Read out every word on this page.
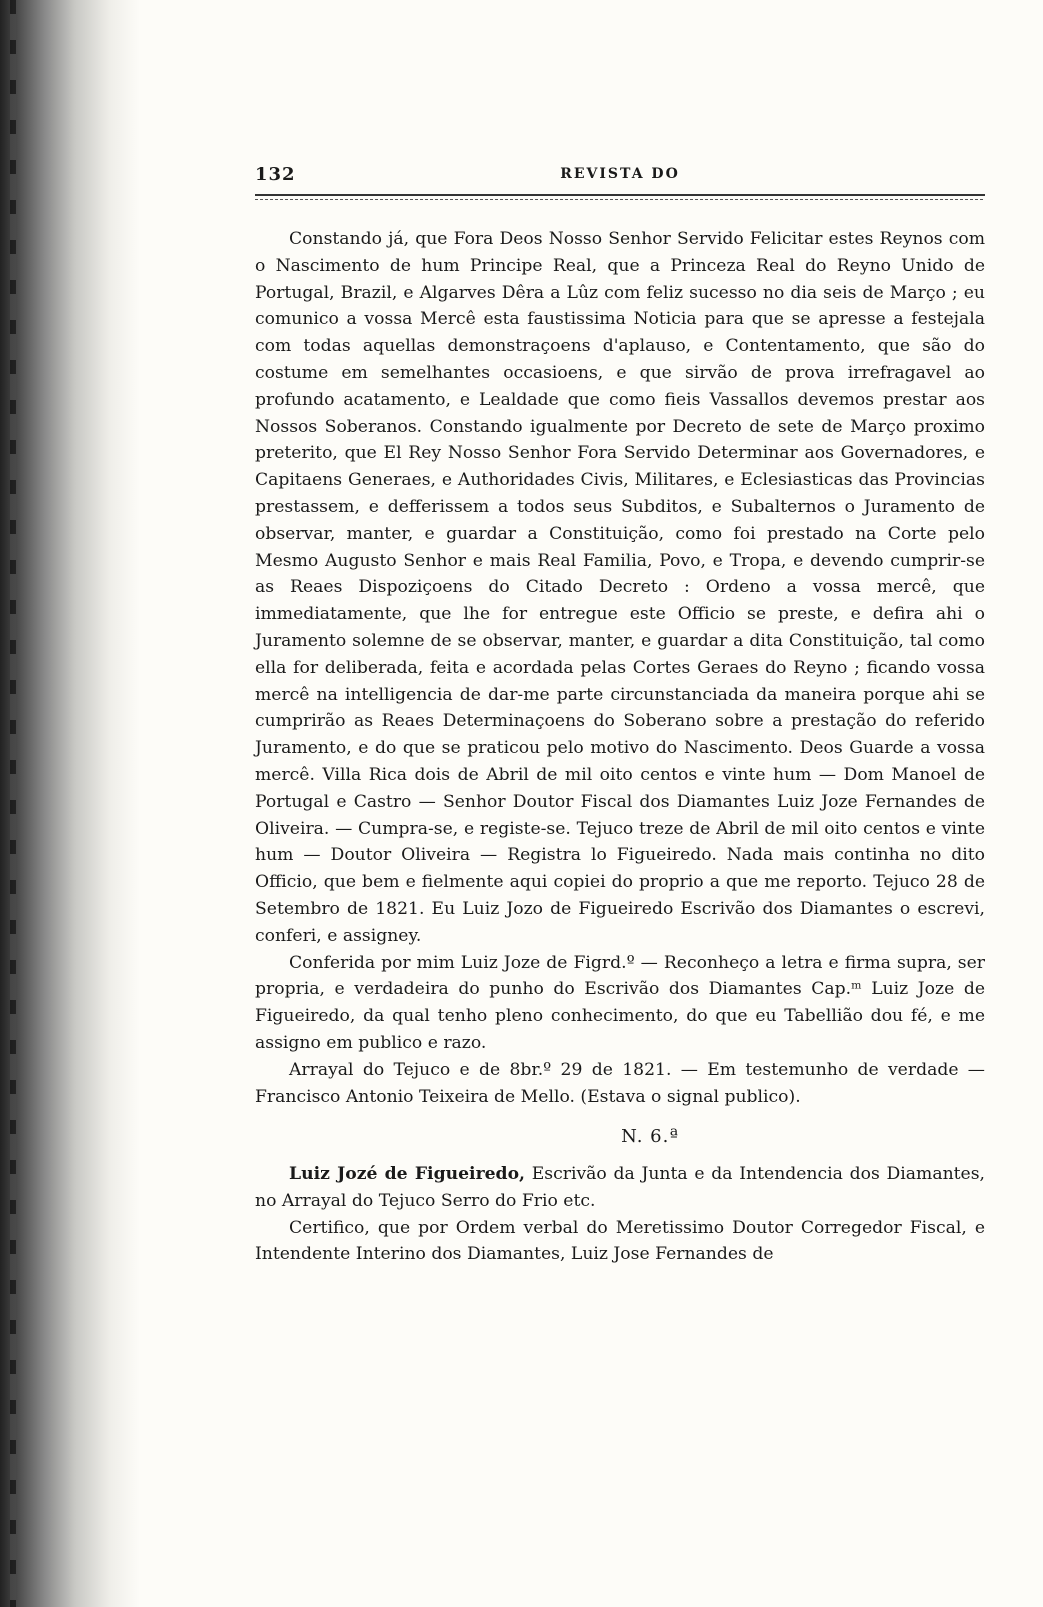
132	REVISTA DO

Constando já, que Fora Deos Nosso Senhor Servido Felicitar estes Reynos com o Nascimento de hum Principe Real, que a Princeza Real do Reyno Unido de Portugal, Brazil, e Algarves Dêra a Lûz com feliz sucesso no dia seis de Março ; eu comunico a vossa Mercê esta faustissima Noticia para que se apresse a festejala com todas aquellas demonstraçoens d'aplauso, e Contentamento, que são do costume em semelhantes occasioens, e que sirvão de prova irrefragavel ao profundo acatamento, e Lealdade que como fieis Vassallos devemos prestar aos Nossos Soberanos. Constando igualmente por Decreto de sete de Março proximo preterito, que El Rey Nosso Senhor Fora Servido Determinar aos Governadores, e Capitaens Generaes, e Authoridades Civis, Militares, e Eclesiasticas das Provincias prestassem, e defferissem a todos seus Subditos, e Subalternos o Juramento de observar, manter, e guardar a Constituição, como foi prestado na Corte pelo Mesmo Augusto Senhor e mais Real Familia, Povo, e Tropa, e devendo cumprir-se as Reaes Dispoziçoens do Citado Decreto : Ordeno a vossa mercê, que immediatamente, que lhe for entregue este Officio se preste, e defira ahi o Juramento solemne de se observar, manter, e guardar a dita Constituição, tal como ella for deliberada, feita e acordada pelas Cortes Geraes do Reyno ; ficando vossa mercê na intelligencia de dar-me parte circunstanciada da maneira porque ahi se cumprirão as Reaes Determinaçoens do Soberano sobre a prestação do referido Juramento, e do que se praticou pelo motivo do Nascimento. Deos Guarde a vossa mercê. Villa Rica dois de Abril de mil oito centos e vinte hum — Dom Manoel de Portugal e Castro — Senhor Doutor Fiscal dos Diamantes Luiz Joze Fernandes de Oliveira. — Cumpra-se, e registe-se. Tejuco treze de Abril de mil oito centos e vinte hum — Doutor Oliveira — Registra lo Figueiredo. Nada mais continha no dito Officio, que bem e fielmente aqui copiei do proprio a que me reporto. Tejuco 28 de Setembro de 1821. Eu Luiz Jozo de Figueiredo Escrivão dos Diamantes o escrevi, conferi, e assigney.

Conferida por mim Luiz Joze de Figrd.º — Reconheço a letra e firma supra, ser propria, e verdadeira do punho do Escrivão dos Diamantes Cap.ᵐ Luiz Joze de Figueiredo, da qual tenho pleno conhecimento, do que eu Tabellião dou fé, e me assigno em publico e razo.

Arrayal do Tejuco e de 8br.º 29 de 1821. — Em testemunho de verdade — Francisco Antonio Teixeira de Mello. (Estava o signal publico).

N. 6.ª

Luiz Jozé de Figueiredo, Escrivão da Junta e da Intendencia dos Diamantes, no Arrayal do Tejuco Serro do Frio etc.

Certifico, que por Ordem verbal do Meretissimo Doutor Corregedor Fiscal, e Intendente Interino dos Diamantes, Luiz Jose Fernandes de
